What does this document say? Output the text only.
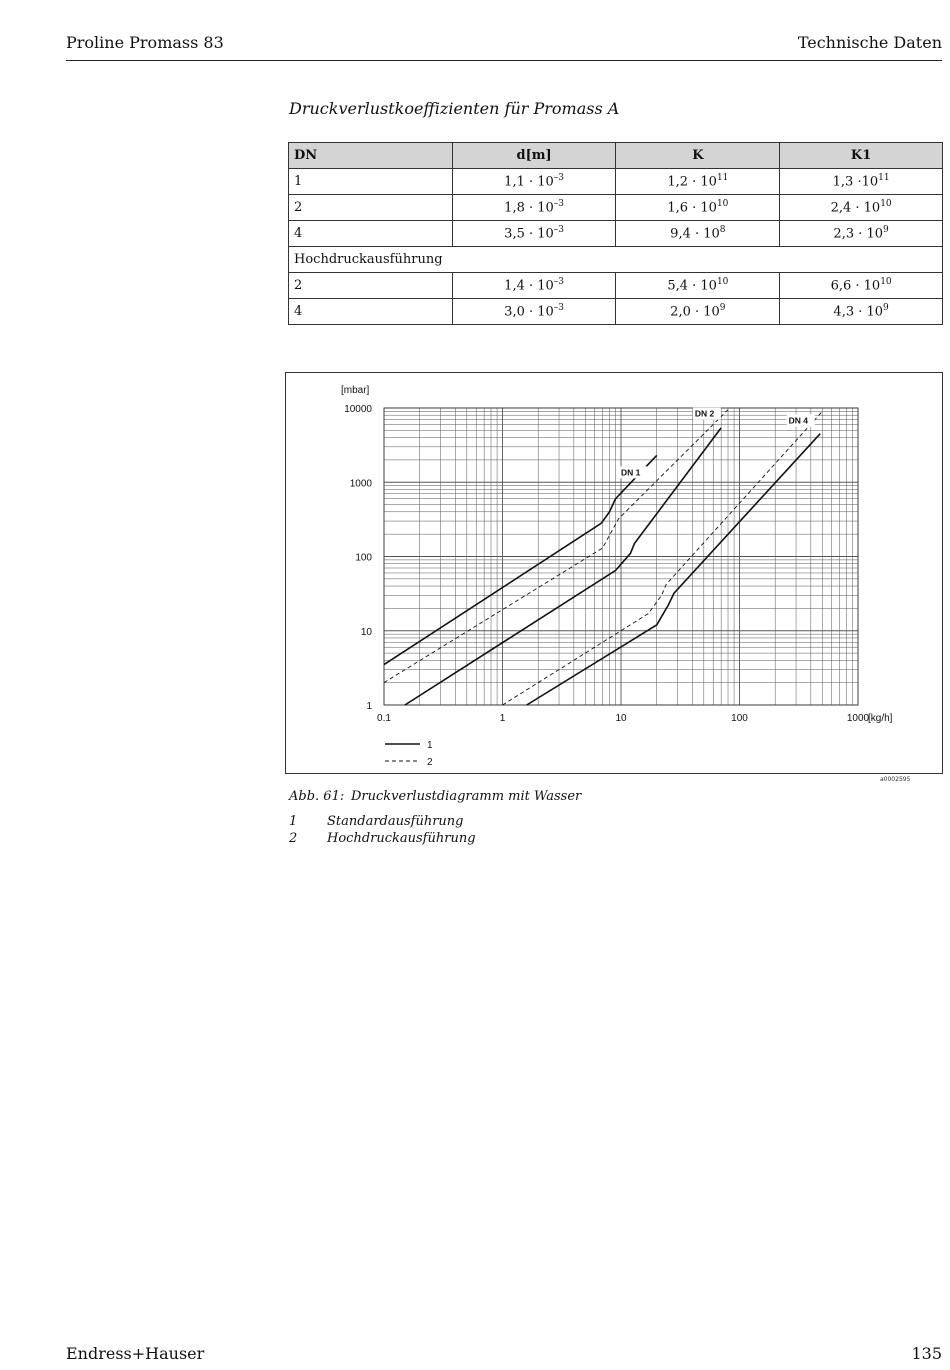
Proline Promass 83	Technische Daten
Druckverlustkoeffizienten für Promass A
DN	d[m]	K	K1
1	$1,1 \cdot 10^{-3}$	$1,2 \cdot 10^{11}$	$1,3 \cdot 10^{11}$
2	$1,8 \cdot 10^{-3}$	$1,6 \cdot 10^{10}$	$2,4 \cdot 10^{10}$
4	$3,5 \cdot 10^{-3}$	$9,4 \cdot 10^8$	$2,3 \cdot 10^9$
Hochdruckausführung			
2	$1,4 \cdot 10^{-3}$	$5,4 \cdot 10^{10}$	$6,6 \cdot 10^{10}$
4	$3,0 \cdot 10^{-3}$	$2,0 \cdot 10^9$	$4,3 \cdot 10^9$
0.1	1	10	100	1000
1
10
100
1000
10000
[mbar]
[kg/h]
DN 1
DN 2
DN 4
1
2
a0002595
Abb. 61: Druckverlustdiagramm mit Wasser
1 Standardausführung
2 Hochdruckausführung
Endress+Hauser	135
